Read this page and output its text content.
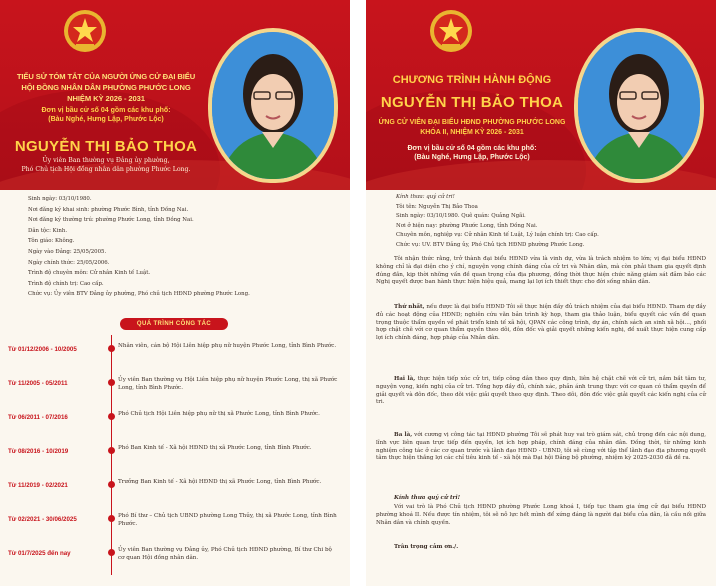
TIỂU SỬ TÓM TẮT CỦA NGƯỜI ỨNG CỬ ĐẠI BIỂU
HỘI ĐỒNG NHÂN DÂN PHƯỜNG PHƯỚC LONG
NHIỆM KỲ 2026 - 2031
Đơn vị bầu cử số 04 gồm các khu phố:
(Bàu Nghé, Hưng Lập, Phước Lộc)
NGUYỄN THỊ BẢO THOA
Ủy viên Ban thường vụ Đảng ủy phường,
Phó Chủ tịch Hội đồng nhân dân phường Phước Long.
Sinh ngày: 03/10/1980.
Nơi đăng ký khai sinh: phường Phước Bình, tỉnh Đồng Nai.
Nơi đăng ký thường trú: phường Phước Long, tỉnh Đồng Nai.
Dân tộc: Kinh.
Tôn giáo: Không.
Ngày vào Đảng: 25/05/2005.
Ngày chính thức: 25/05/2006.
Trình độ chuyên môn: Cử nhân Kinh tế Luật.
Trình độ chính trị: Cao cấp.
Chức vụ: Ủy viên BTV Đảng ủy phường, Phó chủ tịch HĐND phường Phước Long.
QUÁ TRÌNH CÔNG TÁC
Từ 01/12/2006 - 10/2005	Nhân viên, cán bộ Hội Liên hiệp phụ nữ huyện Phước Long, tỉnh Bình Phước.
Từ 11/2005 - 05/2011	Ủy viên Ban thường vụ Hội Liên hiệp phụ nữ huyện Phước Long, thị xã Phước Long, tỉnh Bình Phước.
Từ 06/2011 - 07/2016	Phó Chủ tịch Hội Liên hiệp phụ nữ thị xã Phước Long, tỉnh Bình Phước.
Từ 08/2016 - 10/2019	Phó Ban Kinh tế - Xã hội HĐND thị xã Phước Long, tỉnh Bình Phước.
Từ 11/2019 - 02/2021	Trưởng Ban Kinh tế - Xã hội HĐND thị xã Phước Long, tỉnh Bình Phước.
Từ 02/2021 - 30/06/2025	Phó Bí thư – Chủ tịch UBND phường Long Thủy, thị xã Phước Long, tỉnh Bình Phước.
Từ 01/7/2025 đến nay	Ủy viên Ban thường vụ Đảng ủy, Phó Chủ tịch HĐND phường, Bí thư Chi bộ cơ quan Hội đồng nhân dân.
CHƯƠNG TRÌNH HÀNH ĐỘNG
NGUYỄN THỊ BẢO THOA
ỨNG CỬ VIÊN ĐẠI BIỂU HĐND PHƯỜNG PHƯỚC LONG
KHÓA II, NHIỆM KỲ 2026 - 2031
Đơn vị bầu cử số 04 gồm các khu phố:
(Bàu Nghé, Hưng Lập, Phước Lộc)
Kính thưa: quý cử tri!
Tôi tên: Nguyễn Thị Bảo Thoa
Sinh ngày: 03/10/1980. Quê quán: Quảng Ngãi.
Nơi ở hiện nay: phường Phước Long, tỉnh Đồng Nai.
Chuyên môn, nghiệp vụ: Cử nhân Kinh tế Luật, Lý luận chính trị: Cao cấp.
Chức vụ: UV. BTV Đảng ủy, Phó Chủ tịch HĐND phường Phước Long.

Tôi nhận thức rằng, trở thành đại biểu HĐND vừa là vinh dự, vừa là trách nhiệm to lớn; vị đại biểu HĐND không chỉ là đại diện cho ý chí, nguyện vọng chính đáng của cử tri và Nhân dân, mà còn phải tham gia quyết định đúng đắn, kịp thời những vấn đề quan trọng của địa phương, đồng thời thực hiện chức năng giám sát đảm bảo các Nghị quyết được ban hành thực hiện hiệu quả, mang lại lợi ích thiết thực cho đời sống nhân dân.

Thứ nhất, nếu được là đại biểu HĐND Tôi sẽ thực hiện đầy đủ trách nhiệm của đại biểu HĐND. Tham dự đầy đủ các hoạt động của HĐND; nghiên cứu văn bản trình kỳ họp, tham gia thảo luận, biểu quyết các vấn đề quan trọng thuộc thẩm quyền về phát triển kinh tế xã hội, QPAN các công trình, dự án, chính sách an sinh xã hội..., phối hợp chặt chẽ với cơ quan thẩm quyền theo dõi, đôn đốc và giải quyết những kiến nghị, đề xuất thực hiện cung cấp lợi ích chính đáng, hợp pháp của Nhân dân.

Hai là, thực hiện tiếp xúc cử tri, tiếp công dân theo quy định, liên hệ chặt chẽ với cử tri, nắm bắt tâm tư, nguyện vọng, kiến nghị của cử tri. Tổng hợp đầy đủ, chính xác, phản ánh trung thực với cơ quan có thẩm quyền để giải quyết và đôn đốc, theo dõi việc giải quyết theo quy định. Theo dõi, đôn đốc việc giải quyết các kiến nghị của cử tri.

Ba là, với cương vị công tác tại HĐND phường Tôi sẽ phát huy vai trò giám sát, chủ trọng đến các nội dung, lĩnh vực liên quan trực tiếp đến quyền, lợi ích hợp pháp, chính đáng của nhân dân. Đồng thời, từ những kinh nghiệm công tác ở các cơ quan trước và lãnh đạo HĐND - UBND, tôi sẽ cùng với tập thể lãnh đạo địa phương quyết tâm thực hiện thắng lợi các chỉ tiêu kinh tế - xã hội mà Đại hội Đảng bộ phường, nhiệm kỳ 2025-2030 đã đề ra.

Kính thưa quý cử tri!

Với vai trò là Phó Chủ tịch HĐND phường Phước Long khoá I, tiếp tục tham gia ứng cử đại biểu HĐND phường khoá II. Nếu được tín nhiệm, tôi sẽ nỗ lực hết mình để xứng đáng là người đại biểu của dân, là cầu nối giữa Nhân dân và chính quyền.

Trân trọng cảm ơn./.
